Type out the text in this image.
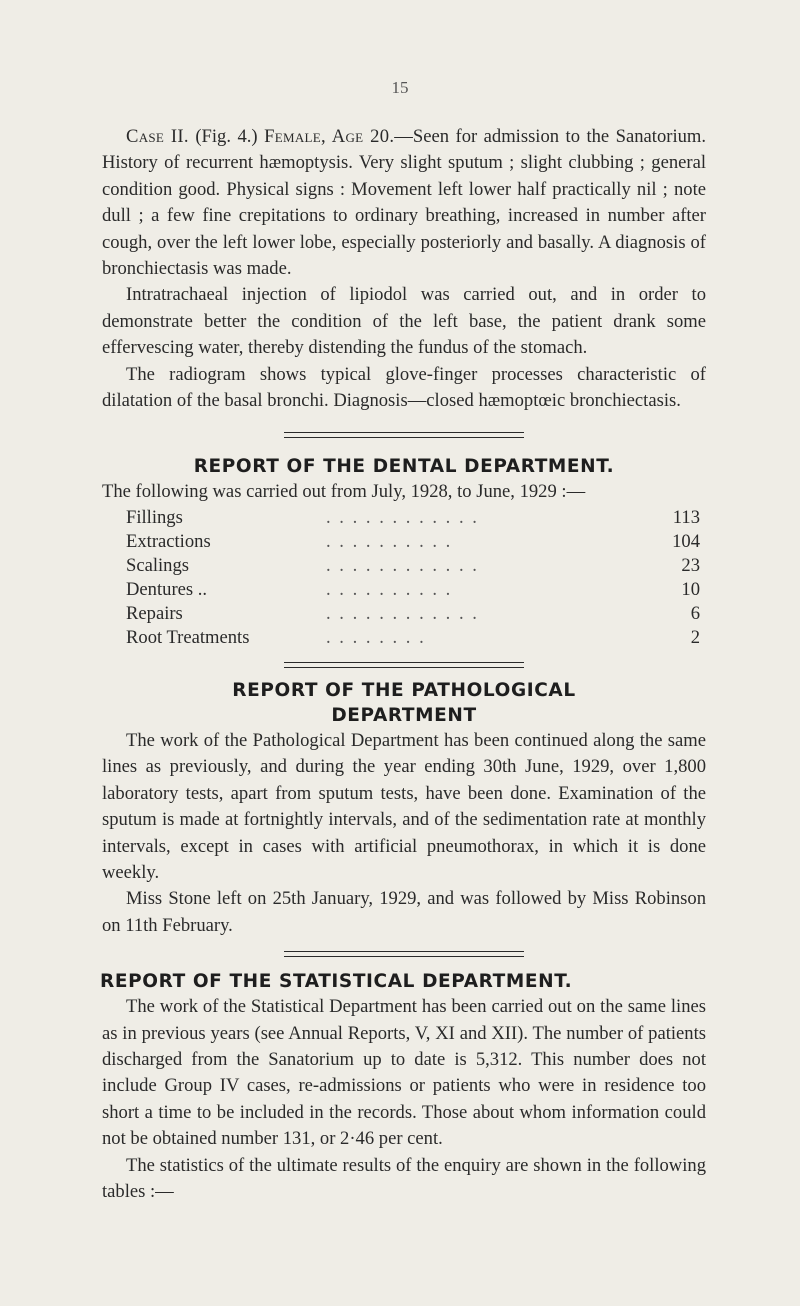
15

Case II. (Fig. 4.) Female, Age 20.—Seen for admission to the Sanatorium. History of recurrent hæmoptysis. Very slight sputum ; slight clubbing ; general condition good. Physical signs : Movement left lower half practically nil ; note dull ; a few fine crepitations to ordinary breathing, increased in number after cough, over the left lower lobe, especially posteriorly and basally. A diagnosis of bronchiectasis was made.

Intratrachaeal injection of lipiodol was carried out, and in order to demonstrate better the condition of the left base, the patient drank some effervescing water, thereby distending the fundus of the stomach.

The radiogram shows typical glove-finger processes characteristic of dilatation of the basal bronchi. Diagnosis—closed hæmoptœic bronchiectasis.

REPORT OF THE DENTAL DEPARTMENT.

The following was carried out from July, 1928, to June, 1929 :—

Fillings	. . . . . . . . . . . .	113
Extractions	. . . . . . . . . .	104
Scalings	. . . . . . . . . . . .	23
Dentures ..	. . . . . . . . . .	10
Repairs	. . . . . . . . . . . .	6
Root Treatments	. . . . . . . .	2
REPORT OF THE PATHOLOGICAL
DEPARTMENT

The work of the Pathological Department has been continued along the same lines as previously, and during the year ending 30th June, 1929, over 1,800 laboratory tests, apart from sputum tests, have been done. Examination of the sputum is made at fortnightly intervals, and of the sedimentation rate at monthly intervals, except in cases with artificial pneumothorax, in which it is done weekly.

Miss Stone left on 25th January, 1929, and was followed by Miss Robinson on 11th February.

REPORT OF THE STATISTICAL DEPARTMENT.

The work of the Statistical Department has been carried out on the same lines as in previous years (see Annual Reports, V, XI and XII). The number of patients discharged from the Sanatorium up to date is 5,312. This number does not include Group IV cases, re-admissions or patients who were in residence too short a time to be included in the records. Those about whom information could not be obtained number 131, or 2·46 per cent.

The statistics of the ultimate results of the enquiry are shown in the following tables :—
